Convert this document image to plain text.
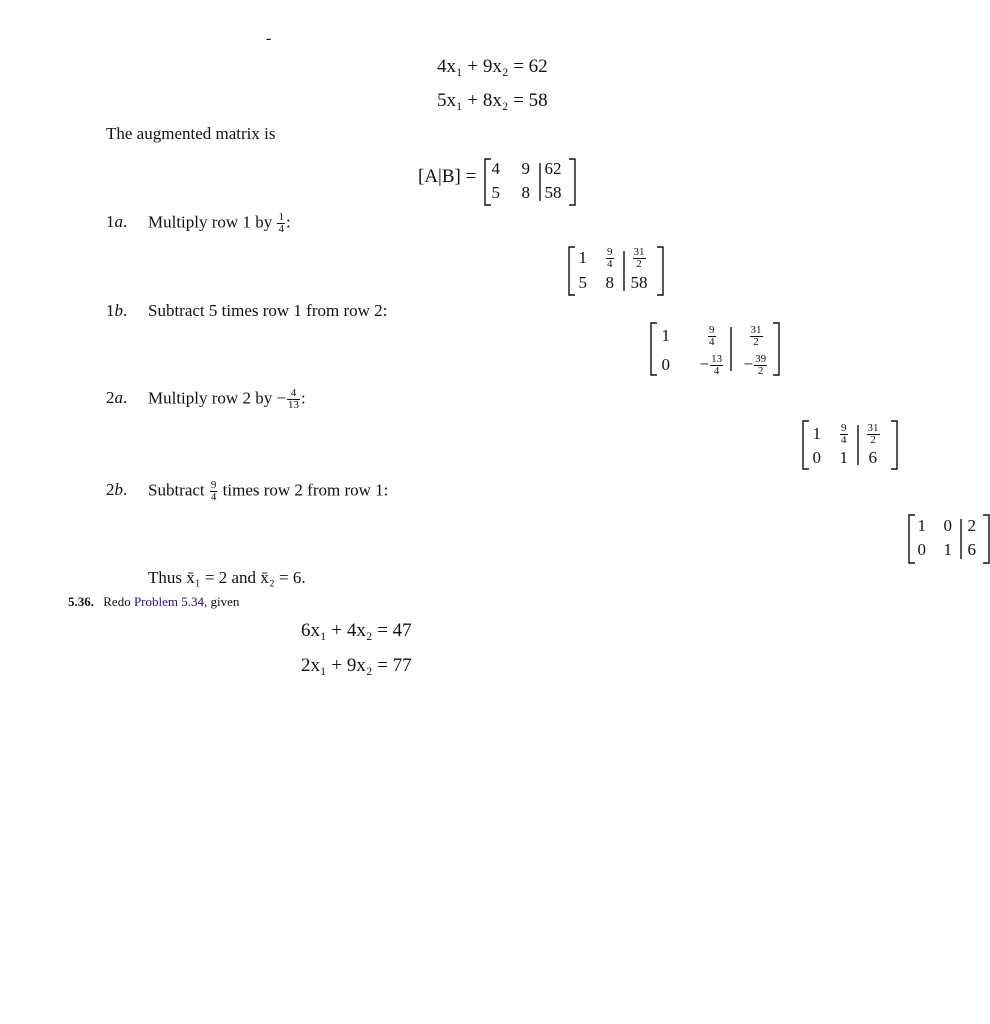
-
4x₁ + 9x₂ = 62
5x₁ + 8x₂ = 58
The augmented matrix is
[A|B] = 4 9 62
5 8 58

1a. Multiply row 1 by $\frac{1}{4}$ :
$1 \frac{9}{4} \frac{31}{2}$
5 8 58

1b. Subtract 5 times row 1 from row 2:
1	$\frac{9}{4}$	$\frac{31}{2}$
$0 - \frac{13}{4} - \frac{39}{2}$

2a. Multiply row 2 by − $\frac{4}{13}$ :
$1 \frac{9}{4} \frac{31}{2}$
0 1 6

2b. Subtract $\frac{9}{4}$ times row 2 from row 1:
1 0 2
0 1 6
Thus x̄₁ = 2 and x̄₂ = 6.
5.36. Redo Problem 5.34, given
6x₁ + 4x₂ = 47
2x₁ + 9x₂ = 77
